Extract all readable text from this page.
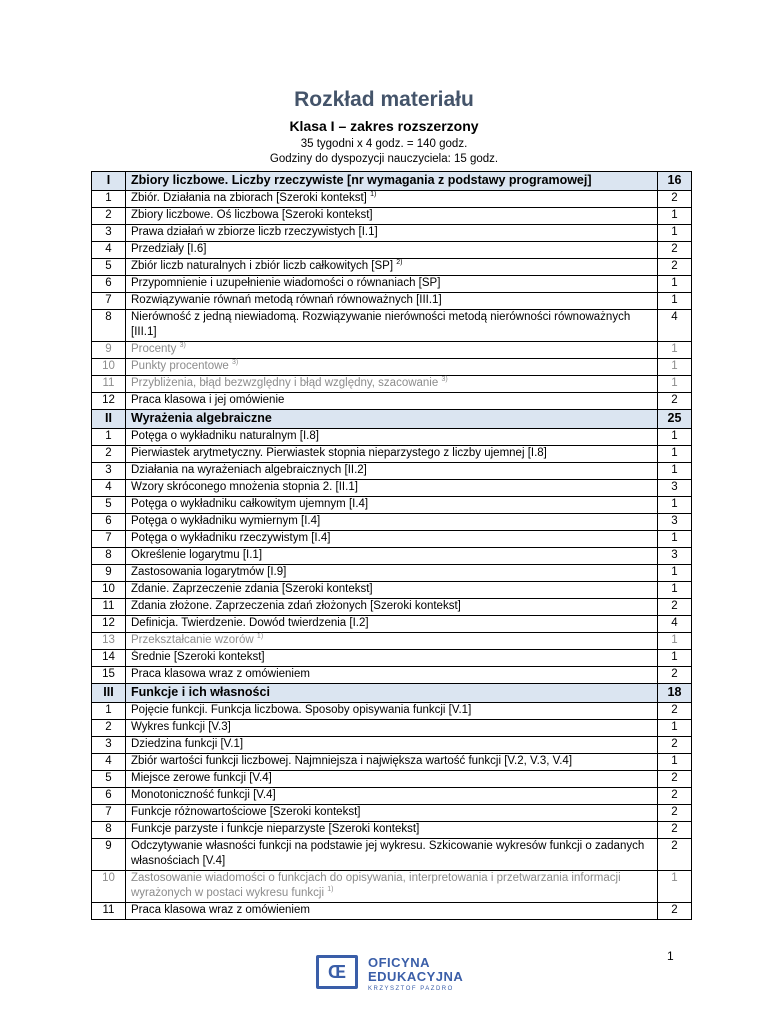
Rozkład materiału
Klasa I – zakres rozszerzony
35 tygodni x 4 godz. = 140 godz.
Godziny do dyspozycji nauczyciela: 15 godz.
I	Zbiory liczbowe. Liczby rzeczywiste [nr wymagania z podstawy programowej]	16
1	Zbiór. Działania na zbiorach [Szeroki kontekst] $^{1)}$	2
2	Zbiory liczbowe. Oś liczbowa [Szeroki kontekst]	1
3	Prawa działań w zbiorze liczb rzeczywistych [I.1]	1
4	Przedziały [I.6]	2
5	Zbiór liczb naturalnych i zbiór liczb całkowitych [SP] $^{2)}$	2
6	Przypomnienie i uzupełnienie wiadomości o równaniach [SP]	1
7	Rozwiązywanie równań metodą równań równoważnych [III.1]	1
8	Nierówność z jedną niewiadomą. Rozwiązywanie nierówności metodą nierówności równoważnych [III.1]	4
9	Procenty $^{3)}$	1
10	Punkty procentowe $^{3)}$	1
11	Przybliżenia, błąd bezwzględny i błąd względny, szacowanie $^{3)}$	1
12	Praca klasowa i jej omówienie	2
II	Wyrażenia algebraiczne	25
1	Potęga o wykładniku naturalnym [I.8]	1
2	Pierwiastek arytmetyczny. Pierwiastek stopnia nieparzystego z liczby ujemnej [I.8]	1
3	Działania na wyrażeniach algebraicznych [II.2]	1
4	Wzory skróconego mnożenia stopnia 2. [II.1]	3
5	Potęga o wykładniku całkowitym ujemnym [I.4]	1
6	Potęga o wykładniku wymiernym [I.4]	3
7	Potęga o wykładniku rzeczywistym [I.4]	1
8	Określenie logarytmu [I.1]	3
9	Zastosowania logarytmów [I.9]	1
10	Zdanie. Zaprzeczenie zdania [Szeroki kontekst]	1
11	Zdania złożone. Zaprzeczenia zdań złożonych [Szeroki kontekst]	2
12	Definicja. Twierdzenie. Dowód twierdzenia [I.2]	4
13	Przekształcanie wzorów $^{1)}$	1
14	Średnie [Szeroki kontekst]	1
15	Praca klasowa wraz z omówieniem	2
III	Funkcje i ich własności	18
1	Pojęcie funkcji. Funkcja liczbowa. Sposoby opisywania funkcji [V.1]	2
2	Wykres funkcji [V.3]	1
3	Dziedzina funkcji [V.1]	2
4	Zbiór wartości funkcji liczbowej. Najmniejsza i największa wartość funkcji [V.2, V.3, V.4]	1
5	Miejsce zerowe funkcji [V.4]	2
6	Monotoniczność funkcji [V.4]	2
7	Funkcje różnowartościowe [Szeroki kontekst]	2
8	Funkcje parzyste i funkcje nieparzyste [Szeroki kontekst]	2
9	Odczytywanie własności funkcji na podstawie jej wykresu. Szkicowanie wykresów funkcji o zadanych własnościach [V.4]	2
10	Zastosowanie wiadomości o funkcjach do opisywania, interpretowania i przetwarzania informacji wyrażonych w postaci wykresu funkcji $^{1)}$	1
11	Praca klasowa wraz z omówieniem	2
1
Œ OFICYNA
EDUKACYJNA
KRZYSZTOF PAZDRO
